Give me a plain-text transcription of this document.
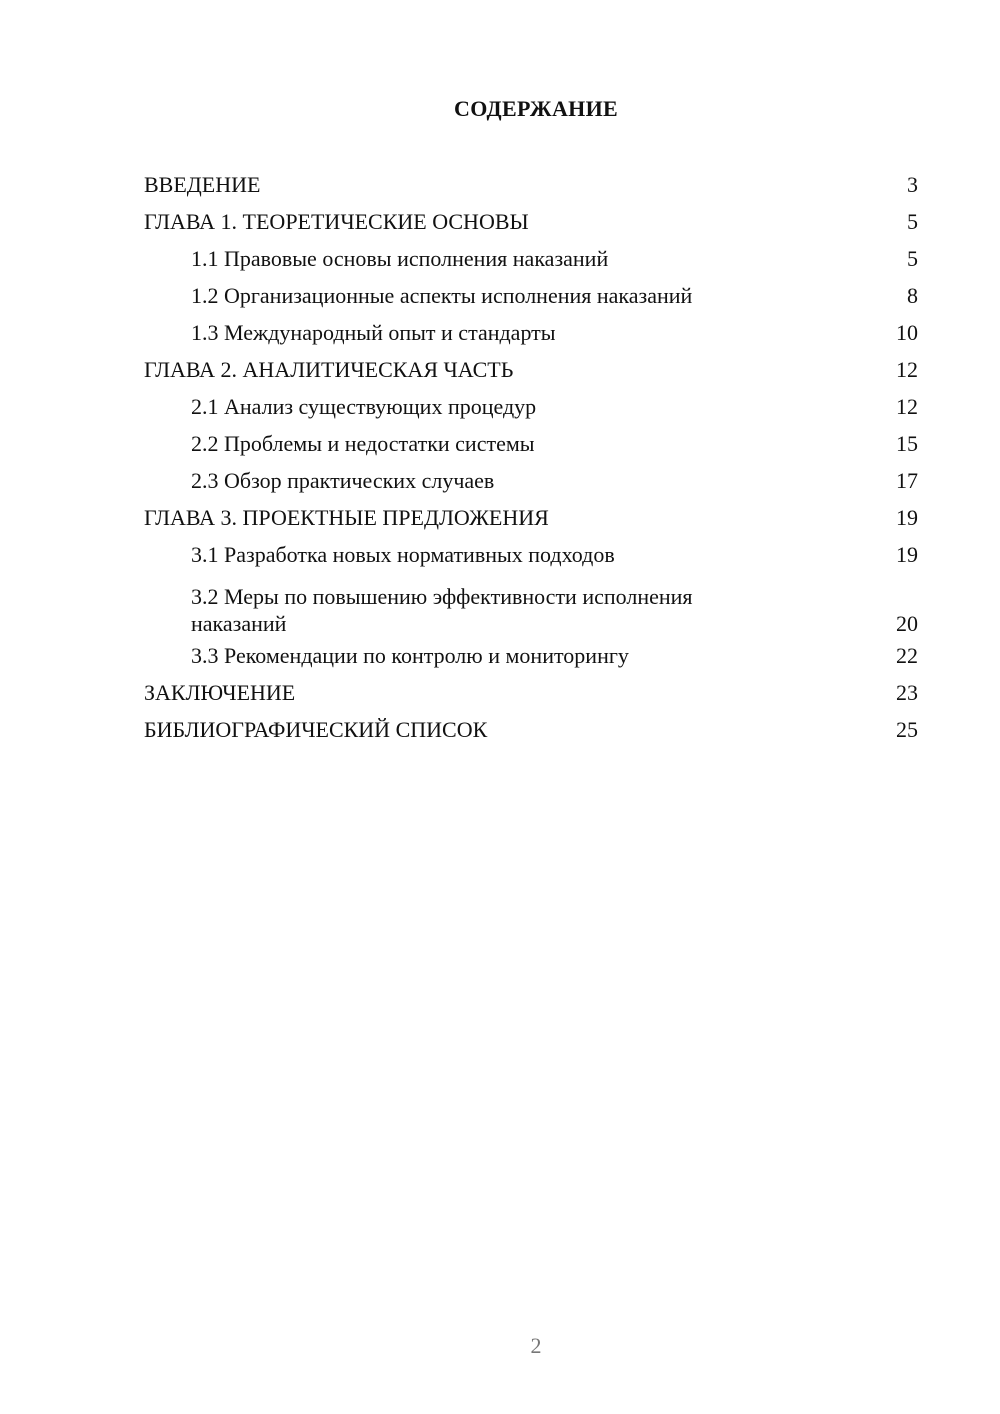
СОДЕРЖАНИЕ
ВВЕДЕНИЕ	3
ГЛАВА 1. ТЕОРЕТИЧЕСКИЕ ОСНОВЫ	5
1.1 Правовые основы исполнения наказаний	5
1.2 Организационные аспекты исполнения наказаний	8
1.3 Международный опыт и стандарты	10
ГЛАВА 2. АНАЛИТИЧЕСКАЯ ЧАСТЬ	12
2.1 Анализ существующих процедур	12
2.2 Проблемы и недостатки системы	15
2.3 Обзор практических случаев	17
ГЛАВА 3. ПРОЕКТНЫЕ ПРЕДЛОЖЕНИЯ	19
3.1 Разработка новых нормативных подходов	19
3.2 Меры по повышению эффективности исполнения наказаний	20
3.3 Рекомендации по контролю и мониторингу	22
ЗАКЛЮЧЕНИЕ	23
БИБЛИОГРАФИЧЕСКИЙ СПИСОК	25
2
